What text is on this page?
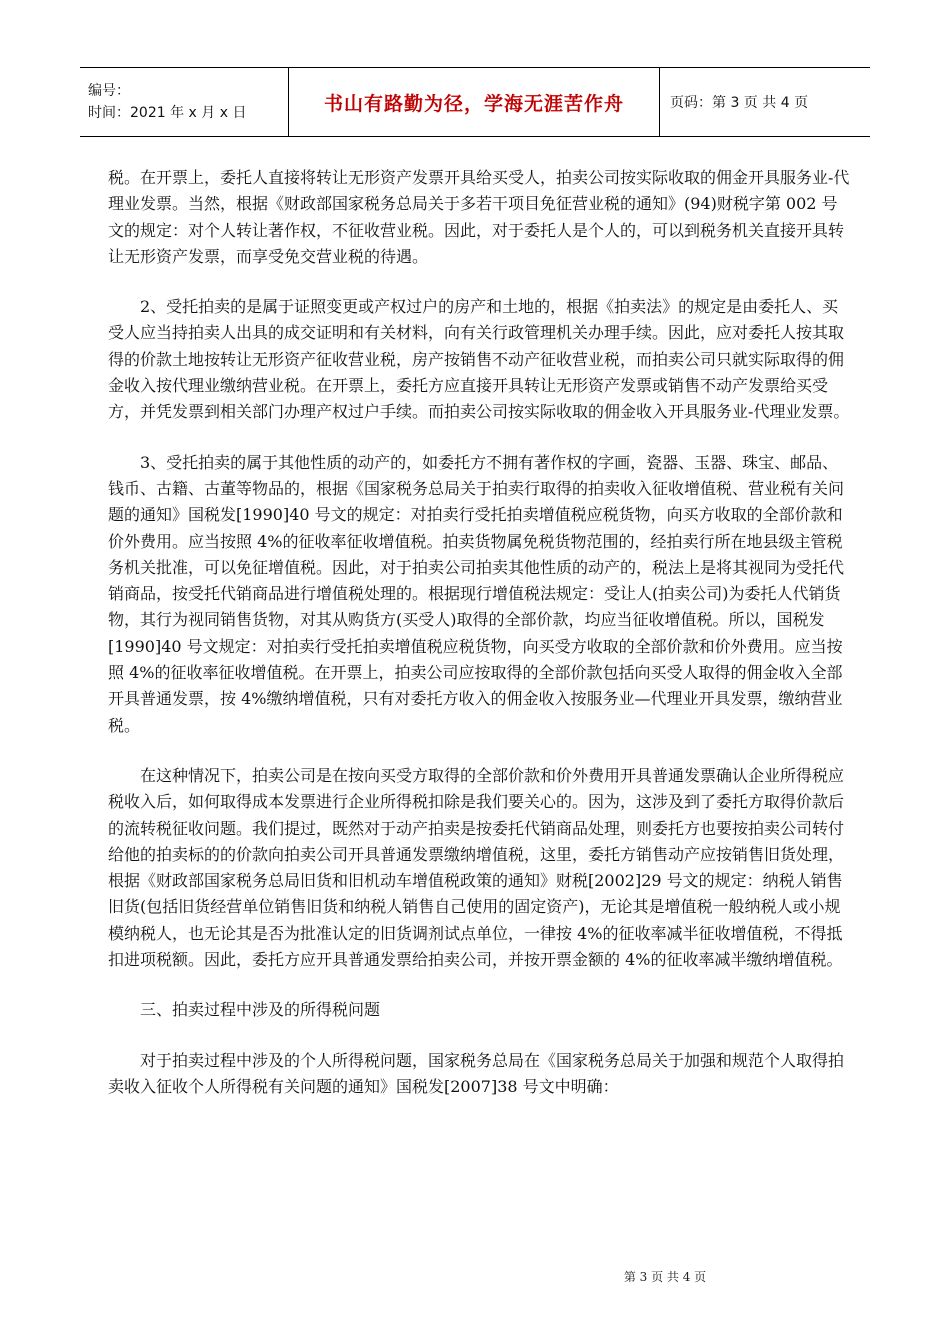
编号：
时间：2021 年 x 月 x 日	书山有路勤为径，学海无涯苦作舟	页码：第 3 页 共 4 页

税。在开票上，委托人直接将转让无形资产发票开具给买受人，拍卖公司按实际收取的佣金开具服务业-代理业发票。当然，根据《财政部国家税务总局关于多若干项目免征营业税的通知》(94)财税字第 002 号文的规定：对个人转让著作权，不征收营业税。因此，对于委托人是个人的，可以到税务机关直接开具转让无形资产发票，而享受免交营业税的待遇。

2、受托拍卖的是属于证照变更或产权过户的房产和土地的，根据《拍卖法》的规定是由委托人、买受人应当持拍卖人出具的成交证明和有关材料，向有关行政管理机关办理手续。因此，应对委托人按其取得的价款土地按转让无形资产征收营业税，房产按销售不动产征收营业税，而拍卖公司只就实际取得的佣金收入按代理业缴纳营业税。在开票上，委托方应直接开具转让无形资产发票或销售不动产发票给买受方，并凭发票到相关部门办理产权过户手续。而拍卖公司按实际收取的佣金收入开具服务业-代理业发票。

3、受托拍卖的属于其他性质的动产的，如委托方不拥有著作权的字画，瓷器、玉器、珠宝、邮品、钱币、古籍、古董等物品的，根据《国家税务总局关于拍卖行取得的拍卖收入征收增值税、营业税有关问题的通知》国税发[1990]40 号文的规定：对拍卖行受托拍卖增值税应税货物，向买方收取的全部价款和价外费用。应当按照 4%的征收率征收增值税。拍卖货物属免税货物范围的，经拍卖行所在地县级主管税务机关批准，可以免征增值税。因此，对于拍卖公司拍卖其他性质的动产的，税法上是将其视同为受托代销商品，按受托代销商品进行增值税处理的。根据现行增值税法规定：受让人(拍卖公司)为委托人代销货物，其行为视同销售货物，对其从购货方(买受人)取得的全部价款，均应当征收增值税。所以，国税发[1990]40 号文规定：对拍卖行受托拍卖增值税应税货物，向买受方收取的全部价款和价外费用。应当按照 4%的征收率征收增值税。在开票上，拍卖公司应按取得的全部价款包括向买受人取得的佣金收入全部开具普通发票，按 4%缴纳增值税，只有对委托方收入的佣金收入按服务业—代理业开具发票，缴纳营业税。

在这种情况下，拍卖公司是在按向买受方取得的全部价款和价外费用开具普通发票确认企业所得税应税收入后，如何取得成本发票进行企业所得税扣除是我们要关心的。因为，这涉及到了委托方取得价款后的流转税征收问题。我们提过，既然对于动产拍卖是按委托代销商品处理，则委托方也要按拍卖公司转付给他的拍卖标的的价款向拍卖公司开具普通发票缴纳增值税，这里，委托方销售动产应按销售旧货处理，根据《财政部国家税务总局旧货和旧机动车增值税政策的通知》财税[2002]29 号文的规定：纳税人销售旧货(包括旧货经营单位销售旧货和纳税人销售自己使用的固定资产)，无论其是增值税一般纳税人或小规模纳税人，也无论其是否为批准认定的旧货调剂试点单位，一律按 4%的征收率减半征收增值税，不得抵扣进项税额。因此，委托方应开具普通发票给拍卖公司，并按开票金额的 4%的征收率减半缴纳增值税。

三、拍卖过程中涉及的所得税问题

对于拍卖过程中涉及的个人所得税问题，国家税务总局在《国家税务总局关于加强和规范个人取得拍卖收入征收个人所得税有关问题的通知》国税发[2007]38 号文中明确：

第 3 页 共 4 页
